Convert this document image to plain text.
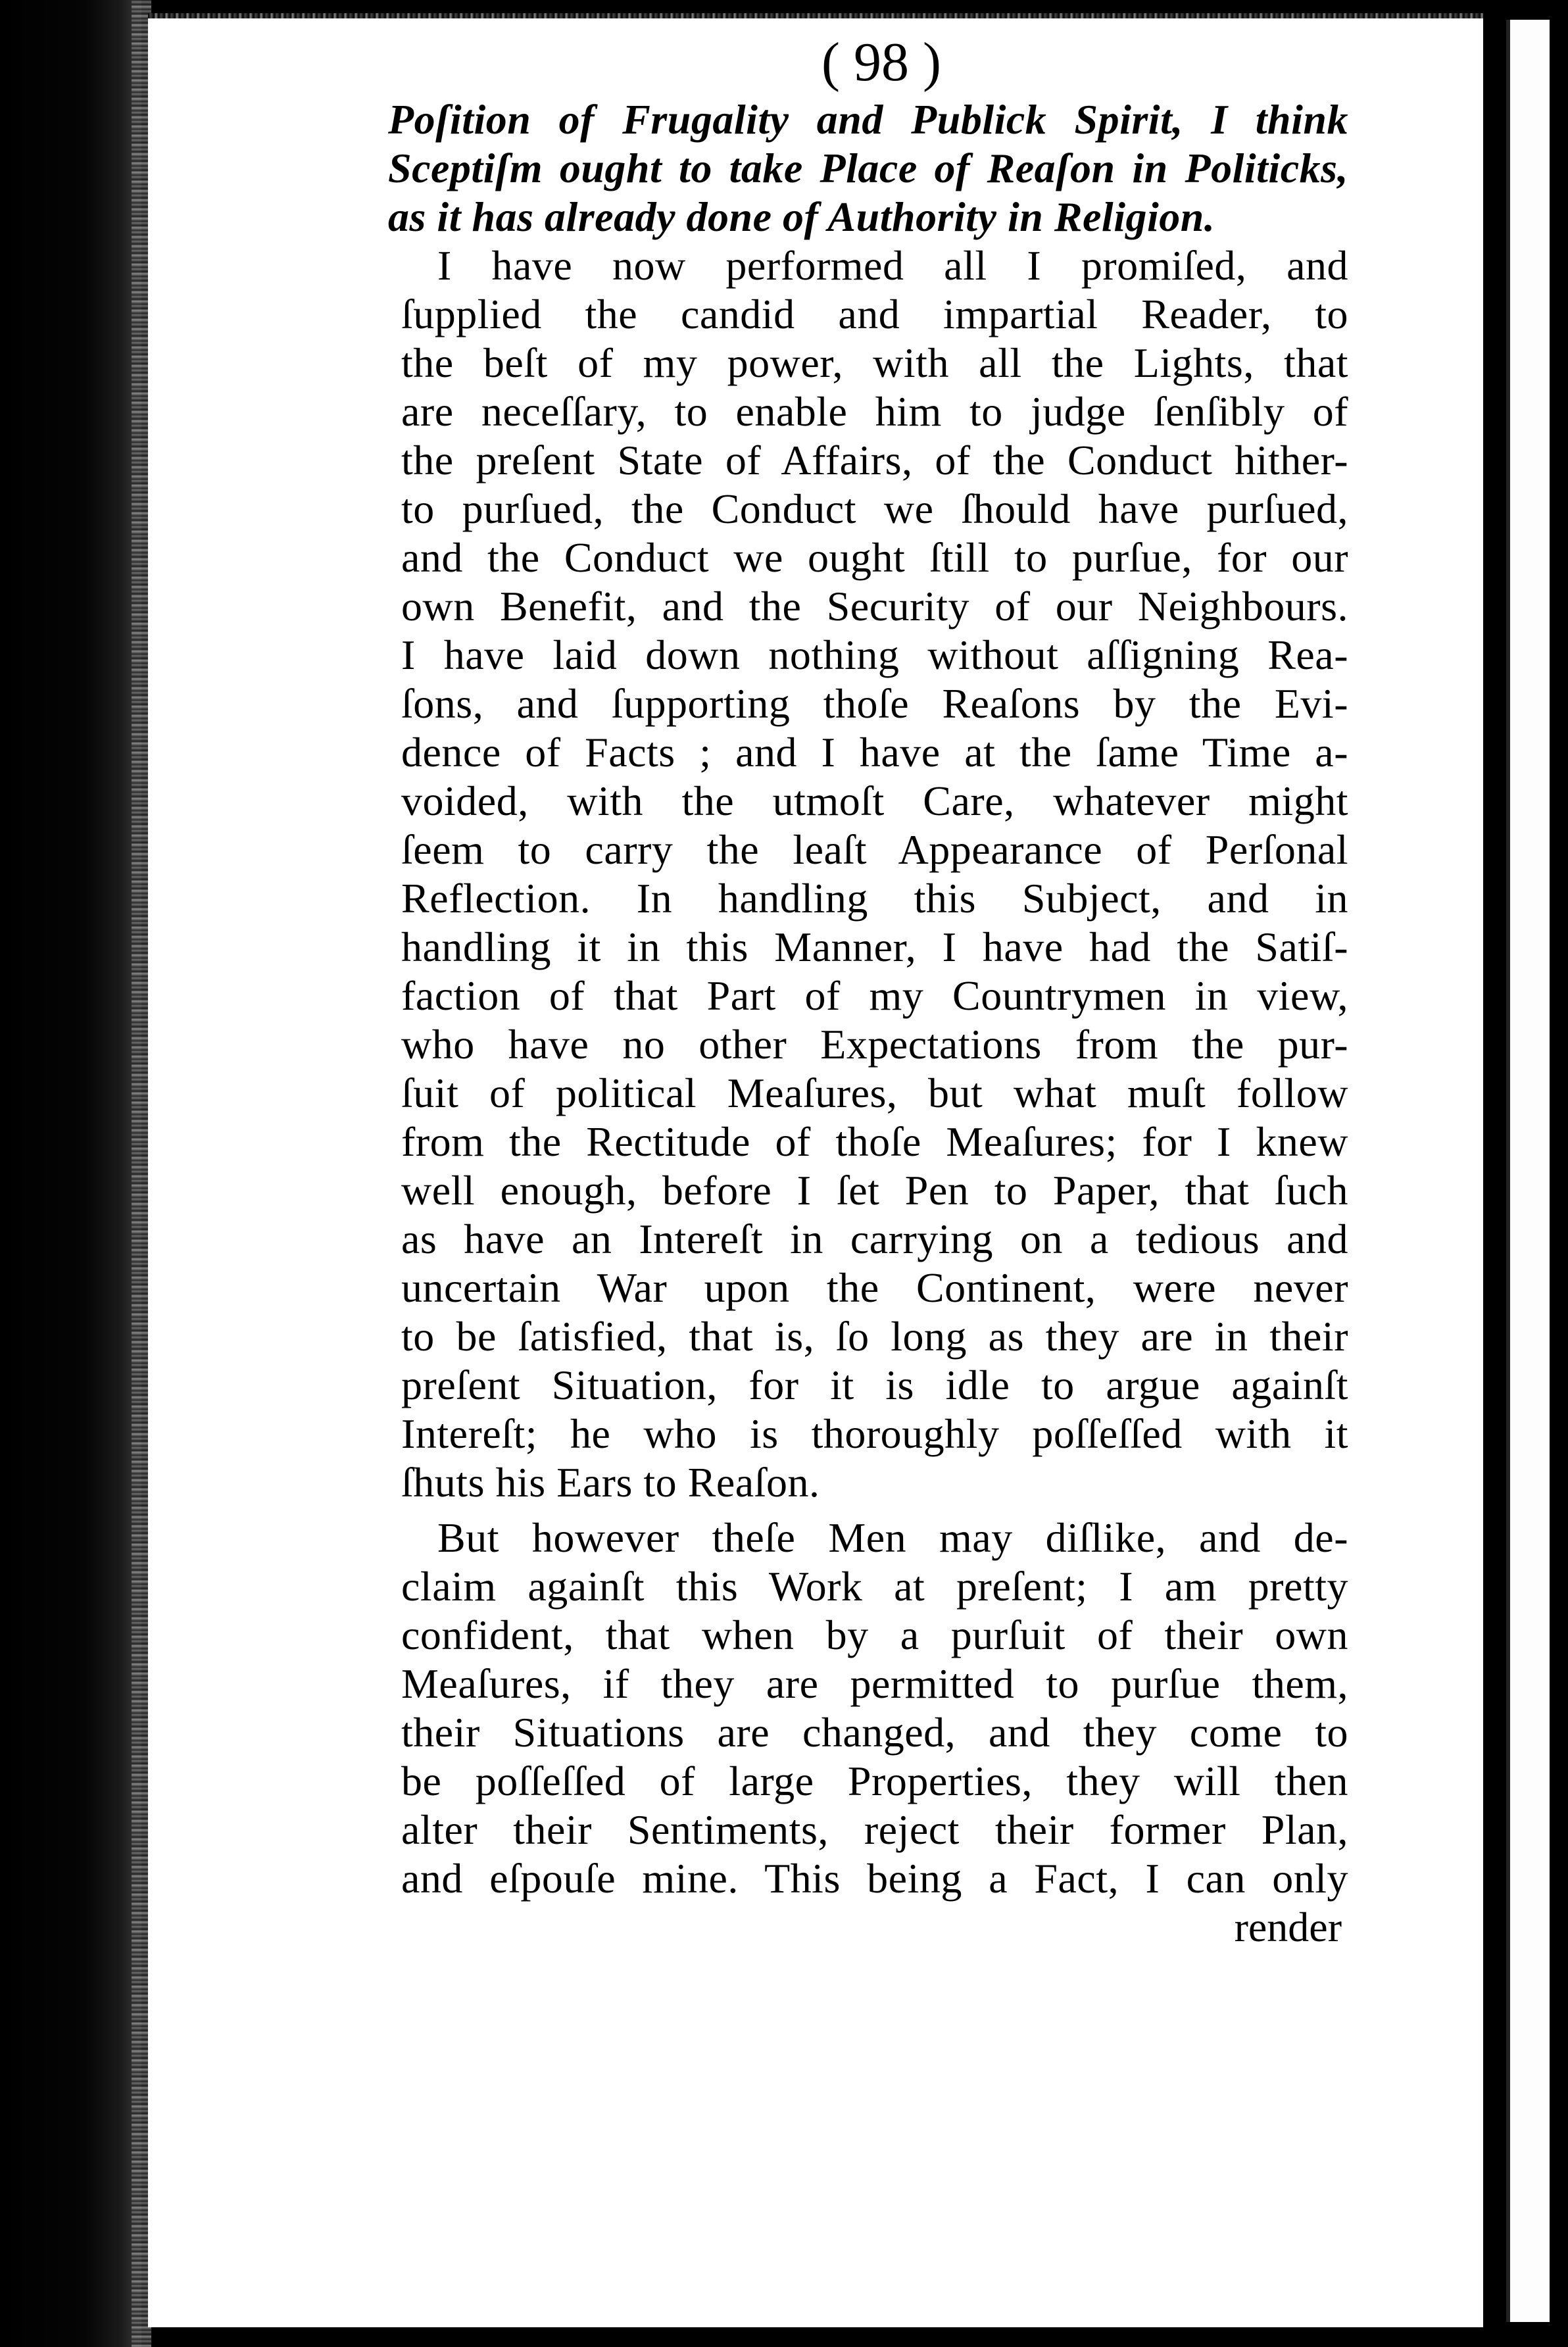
( 98 )
Poſition of Frugality and Publick Spirit, I think
Sceptiſm ought to take Place of Reaſon in Politicks,
as it has already done of Authority in Religion.
I have now performed all I promiſed, and
ſupplied the candid and impartial Reader, to
the beſt of my power, with all the Lights, that
are neceſſary, to enable him to judge ſenſibly of
the preſent State of Affairs, of the Conduct hither-
to purſued, the Conduct we ſhould have purſued,
and the Conduct we ought ſtill to purſue, for our
own Benefit, and the Security of our Neighbours.
I have laid down nothing without aſſigning Rea-
ſons, and ſupporting thoſe Reaſons by the Evi-
dence of Facts ; and I have at the ſame Time a-
voided, with the utmoſt Care, whatever might
ſeem to carry the leaſt Appearance of Perſonal
Reflection. In handling this Subject, and in
handling it in this Manner, I have had the Satiſ-
faction of that Part of my Countrymen in view,
who have no other Expectations from the pur-
ſuit of political Meaſures, but what muſt follow
from the Rectitude of thoſe Meaſures; for I knew
well enough, before I ſet Pen to Paper, that ſuch
as have an Intereſt in carrying on a tedious and
uncertain War upon the Continent, were never
to be ſatisfied, that is, ſo long as they are in their
preſent Situation, for it is idle to argue againſt
Intereſt; he who is thoroughly poſſeſſed with it
ſhuts his Ears to Reaſon.
But however theſe Men may diſlike, and de-
claim againſt this Work at preſent; I am pretty
confident, that when by a purſuit of their own
Meaſures, if they are permitted to purſue them,
their Situations are changed, and they come to
be poſſeſſed of large Properties, they will then
alter their Sentiments, reject their former Plan,
and eſpouſe mine. This being a Fact, I can only
render
